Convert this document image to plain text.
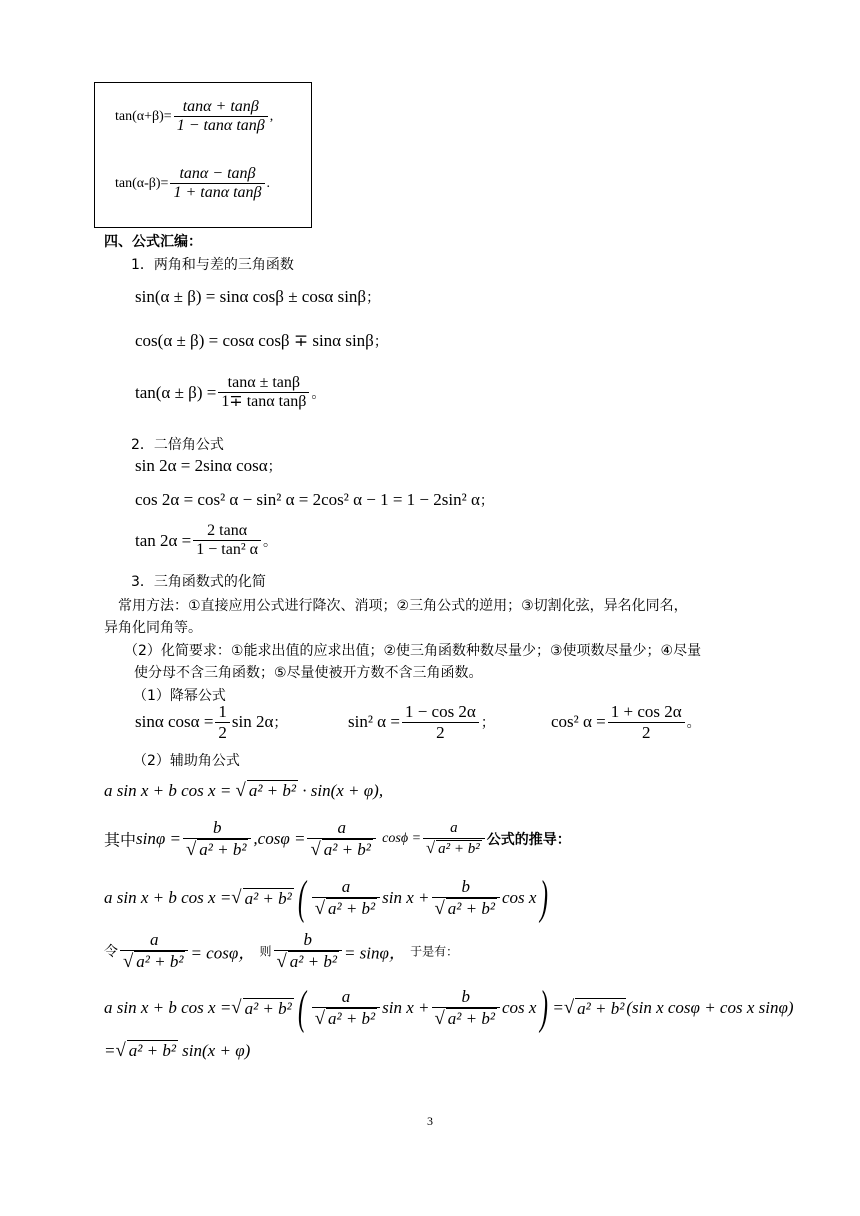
$\tan(\alpha+\beta)= \frac{\tan\alpha + \tan\beta}{\text{1 − tanα tanβ}}$ ,
$\tan(\alpha-\beta)= \frac{\tan\alpha - \tan\beta}{\text{1 + tanα tanβ}}$ .
四、公式汇编：
1．两角和与差的三角函数
sin(α ± β) = sinα cosβ ± cosα sinβ；
cos(α ± β) = cosα cosβ ∓ sinα sinβ；
$\tan(\alpha \pm \beta) = \frac{\tan\alpha \pm \tan\beta}{\text{1∓ tanα tanβ}}$ 。
2．二倍角公式
sin 2α = 2sinα cosα；
cos 2α = cos² α − sin² α = 2cos² α − 1 = 1 − 2sin² α；
$\tan 2\alpha = \frac{2 \tan\alpha}{\text{1 − tan² α}}$ 。
3．三角函数式的化简
常用方法：①直接应用公式进行降次、消项；②三角公式的逆用；③切割化弦，异名化同名，
异角化同角等。
（2）化简要求：①能求出值的应求出值；②使三角函数种数尽量少；③使项数尽量少；④尽量
使分母不含三角函数；⑤尽量使被开方数不含三角函数。
（1）降幂公式
sinα $\cos\alpha = \frac{1}{2}$ sin 2α；	sin² $\alpha = \frac{1 - \cos 2\alpha}{2}$ ；	cos² $\alpha = \frac{1 + \cos 2\alpha}{2}$ 。
（2）辅助角公式
a sin x + b cos x = √ a² + b² · sin(x + φ),
其中$\sin\varphi = \frac{b}{\text{√ a² + b²}} ,\cos\varphi = \frac{a}{\text{√ a² + b²}}$ $\cos\phi = \frac{a}{\text{√ a² + b²}}$ 公式的推导：
a sin x + b cos x =√ a² + b² ( $\frac{a}{\text{√ a² + b²}}$ $\sin x + \frac{b}{\text{√ a² + b²}}$ cos x)
令 $\frac{a}{\text{√ a² + b²}} = \cos\varphi$， 则 $\frac{b}{\text{√ a² + b²}} = \sin\varphi$， 于是有：
a sin x + b cos x =√ a² + b² ( $\frac{a}{\text{√ a² + b²}}$ $\sin x + \frac{b}{\text{√ a² + b²}}$ cos x) =√ a² + b² (sin x cosφ + cos x sinφ)
=√ a² + b² sin(x + φ)
3
